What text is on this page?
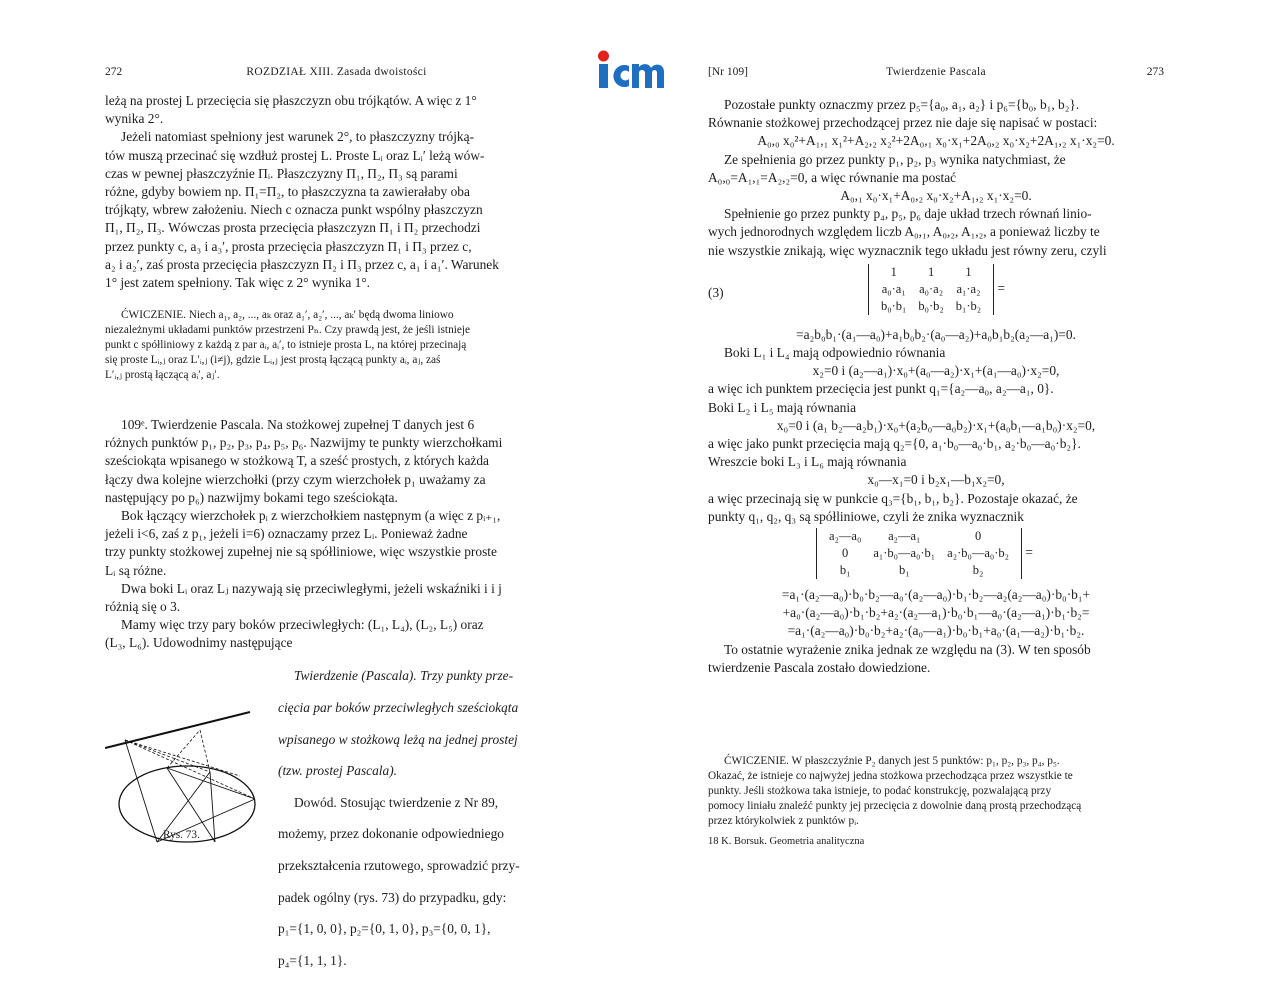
272	ROZDZIAŁ XIII. Zasada dwoistości

leżą na prostej L przecięcia się płaszczyzn obu trójkątów. A więc z 1°

wynika 2°.

Jeżeli natomiast spełniony jest warunek 2°, to płaszczyzny trójką-

tów muszą przecinać się wzdłuż prostej L. Proste Lᵢ oraz Lᵢ′ leżą wów-

czas w pewnej płaszczyźnie Πᵢ. Płaszczyzny Π₁, Π₂, Π₃ są parami

różne, gdyby bowiem np. Π₁=Π₂, to płaszczyzna ta zawierałaby oba

trójkąty, wbrew założeniu. Niech c oznacza punkt wspólny płaszczyzn

Π₁, Π₂, Π₃. Wówczas prosta przecięcia płaszczyzn Π₁ i Π₂ przechodzi

przez punkty c, a₃ i a₃′, prosta przecięcia płaszczyzn Π₁ i Π₃ przez c,

a₂ i a₂′, zaś prosta przecięcia płaszczyzn Π₂ i Π₃ przez c, a₁ i a₁′. Warunek

1° jest zatem spełniony. Tak więc z 2° wynika 1°.

ĆWICZENIE. Niech a₁, a₂, ..., aₖ oraz a₁′, a₂′, ..., aₖ′ będą dwoma liniowo

niezależnymi układami punktów przestrzeni Pₙ. Czy prawdą jest, że jeśli istnieje

punkt c spółliniowy z każdą z par aᵢ, aᵢ′, to istnieje prosta L, na której przecinają

się proste Lᵢ,ⱼ oraz L′ᵢ,ⱼ (i≠j), gdzie Lᵢ,ⱼ jest prostą łączącą punkty aᵢ, aⱼ, zaś

L′ᵢ,ⱼ prostą łączącą aᵢ′, aⱼ′.

109ᵉ. Twierdzenie Pascala. Na stożkowej zupełnej T danych jest 6

różnych punktów p₁, p₂, p₃, p₄, p₅, p₆. Nazwijmy te punkty wierzchołkami

sześciokąta wpisanego w stożkową T, a sześć prostych, z których każda

łączy dwa kolejne wierzchołki (przy czym wierzchołek p₁ uważamy za

następujący po p₆) nazwijmy bokami tego sześciokąta.

Bok łączący wierzchołek pᵢ z wierzchołkiem następnym (a więc z pᵢ₊₁,

jeżeli i<6, zaś z p₁, jeżeli i=6) oznaczamy przez Lᵢ. Ponieważ żadne

trzy punkty stożkowej zupełnej nie są spółliniowe, więc wszystkie proste

Lᵢ są różne.

Dwa boki Lᵢ oraz Lⱼ nazywają się przeciwległymi, jeżeli wskaźniki i i j

różnią się o 3.

Mamy więc trzy pary boków przeciwległych: (L₁, L₄), (L₂, L₅) oraz

(L₃, L₆). Udowodnimy następujące

Rys. 73.

Twierdzenie (Pascala). Trzy punkty prze-

cięcia par boków przeciwległych sześciokąta

wpisanego w stożkową leżą na jednej prostej

(tzw. prostej Pascala).

Dowód. Stosując twierdzenie z Nr 89,

możemy, przez dokonanie odpowiedniego

przekształcenia rzutowego, sprowadzić przy-

padek ogólny (rys. 73) do przypadku, gdy:

p₁={1, 0, 0}, p₂={0, 1, 0}, p₃={0, 0, 1},

p₄={1, 1, 1}.

[Nr 109]	Twierdzenie Pascala	273

Pozostałe punkty oznaczmy przez p₅={a₀, a₁, a₂} i p₆={b₀, b₁, b₂}.

Równanie stożkowej przechodzącej przez nie daje się napisać w postaci:

A₀,₀ x₀²+A₁,₁ x₁²+A₂,₂ x₂²+2A₀,₁ x₀·x₁+2A₀,₂ x₀·x₂+2A₁,₂ x₁·x₂=0.

Ze spełnienia go przez punkty p₁, p₂, p₃ wynika natychmiast, że

A₀,₀=A₁,₁=A₂,₂=0, a więc równanie ma postać

A₀,₁ x₀·x₁+A₀,₂ x₀·x₂+A₁,₂ x₁·x₂=0.

Spełnienie go przez punkty p₄, p₅, p₆ daje układ trzech równań linio-

wych jednorodnych względem liczb A₀,₁, A₀,₂, A₁,₂, a ponieważ liczby te

nie wszystkie znikają, więc wyznacznik tego układu jest równy zeru, czyli

(3)
1	1	1
a₀·a₁	a₀·a₂	a₁·a₂
b₀·b₁	b₀·b₂	b₁·b₂
=

=a₂b₀b₁·(a₁—a₀)+a₁b₀b₂·(a₀—a₂)+a₀b₁b₂(a₂—a₁)=0.

Boki L₁ i L₄ mają odpowiednio równania

x₂=0 i (a₂—a₁)·x₀+(a₀—a₂)·x₁+(a₁—a₀)·x₂=0,

a więc ich punktem przecięcia jest punkt q₁={a₂—a₀, a₂—a₁, 0}.

Boki L₂ i L₅ mają równania

x₀=0 i (a₁ b₂—a₂b₁)·x₀+(a₂b₀—a₀b₂)·x₁+(a₀b₁—a₁b₀)·x₂=0,

a więc jako punkt przecięcia mają q₂={0, a₁·b₀—a₀·b₁, a₂·b₀—a₀·b₂}.

Wreszcie boki L₃ i L₆ mają równania

x₀—x₁=0 i b₂x₁—b₁x₂=0,

a więc przecinają się w punkcie q₃={b₁, b₁, b₂}. Pozostaje okazać, że

punkty q₁, q₂, q₃ są spółliniowe, czyli że znika wyznacznik

a₂—a₀	a₂—a₁	0
0	a₁·b₀—a₀·b₁	a₂·b₀—a₀·b₂
b₁	b₁	b₂
=

=a₁·(a₂—a₀)·b₀·b₂—a₀·(a₂—a₀)·b₁·b₂—a₂(a₂—a₀)·b₀·b₁+

+a₀·(a₂—a₀)·b₁·b₂+a₂·(a₂—a₁)·b₀·b₁—a₀·(a₂—a₁)·b₁·b₂=

=a₁·(a₂—a₀)·b₀·b₂+a₂·(a₀—a₁)·b₀·b₁+a₀·(a₁—a₂)·b₁·b₂.

To ostatnie wyrażenie znika jednak ze względu na (3). W ten sposób

twierdzenie Pascala zostało dowiedzione.

ĆWICZENIE. W płaszczyźnie P₂ danych jest 5 punktów: p₁, p₂, p₃, p₄, p₅.

Okazać, że istnieje co najwyżej jedna stożkowa przechodząca przez wszystkie te

punkty. Jeśli stożkowa taka istnieje, to podać konstrukcję, pozwalającą przy

pomocy liniału znaleźć punkty jej przecięcia z dowolnie daną prostą przechodzącą

przez którykolwiek z punktów pᵢ.

18 K. Borsuk. Geometria analityczna
